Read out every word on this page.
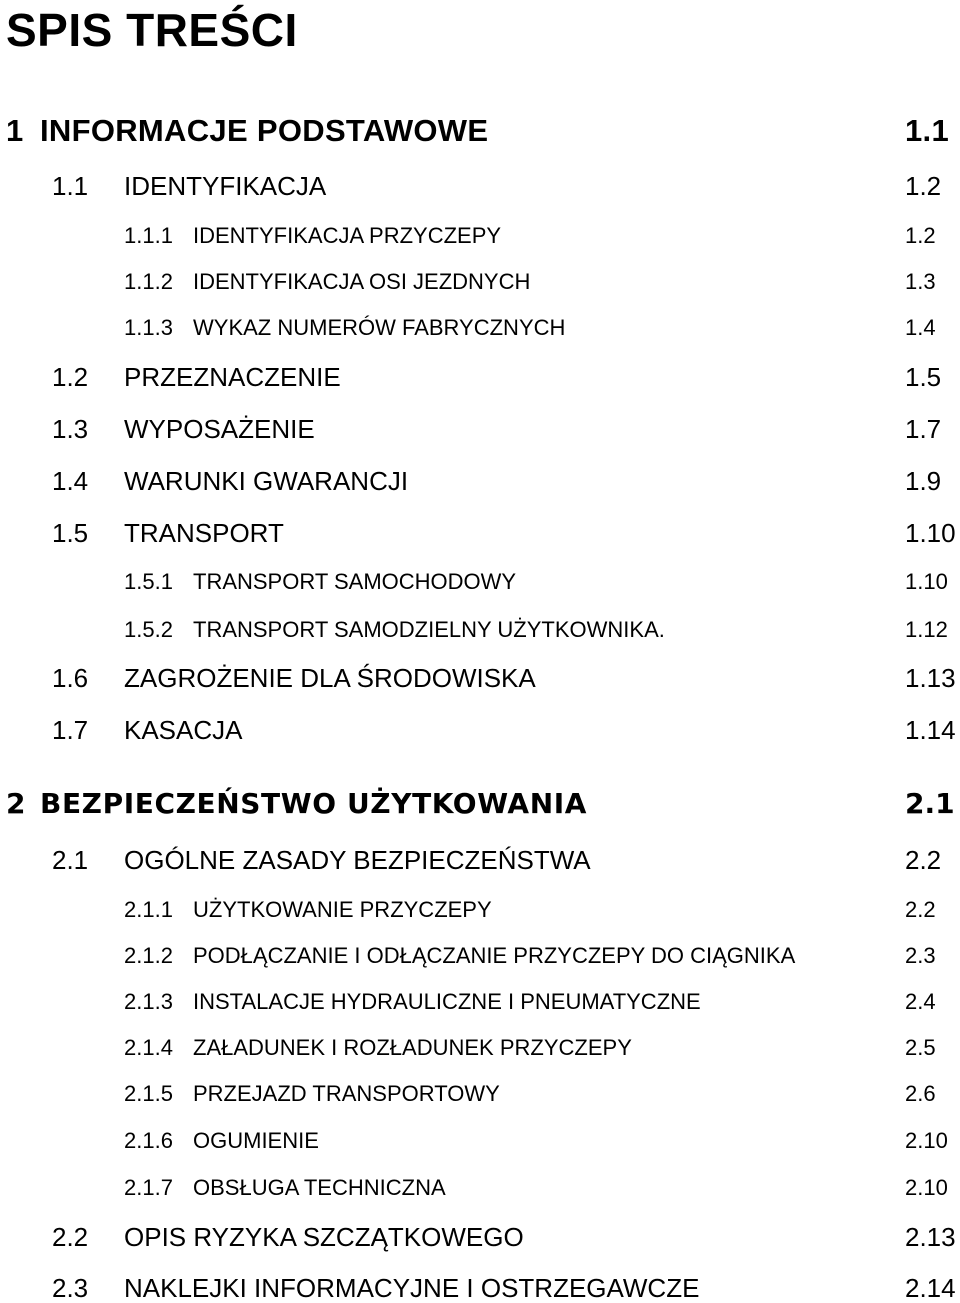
SPIS TREŚCI
1 INFORMACJE PODSTAWOWE	1.1
1.1 IDENTYFIKACJA	1.2
1.1.1 IDENTYFIKACJA PRZYCZEPY	1.2
1.1.2 IDENTYFIKACJA OSI JEZDNYCH	1.3
1.1.3 WYKAZ NUMERÓW FABRYCZNYCH	1.4
1.2 PRZEZNACZENIE	1.5
1.3 WYPOSAŻENIE	1.7
1.4 WARUNKI GWARANCJI	1.9
1.5 TRANSPORT	1.10
1.5.1 TRANSPORT SAMOCHODOWY	1.10
1.5.2 TRANSPORT SAMODZIELNY UŻYTKOWNIKA.	1.12
1.6 ZAGROŻENIE DLA ŚRODOWISKA	1.13
1.7 KASACJA	1.14
2 BEZPIECZEŃSTWO UŻYTKOWANIA	2.1
2.1 OGÓLNE ZASADY BEZPIECZEŃSTWA	2.2
2.1.1 UŻYTKOWANIE PRZYCZEPY	2.2
2.1.2 PODŁĄCZANIE I ODŁĄCZANIE PRZYCZEPY DO CIĄGNIKA	2.3
2.1.3 INSTALACJE HYDRAULICZNE I PNEUMATYCZNE	2.4
2.1.4 ZAŁADUNEK I ROZŁADUNEK PRZYCZEPY	2.5
2.1.5 PRZEJAZD TRANSPORTOWY	2.6
2.1.6 OGUMIENIE	2.10
2.1.7 OBSŁUGA TECHNICZNA	2.10
2.2 OPIS RYZYKA SZCZĄTKOWEGO	2.13
2.3 NAKLEJKI INFORMACYJNE I OSTRZEGAWCZE	2.14
